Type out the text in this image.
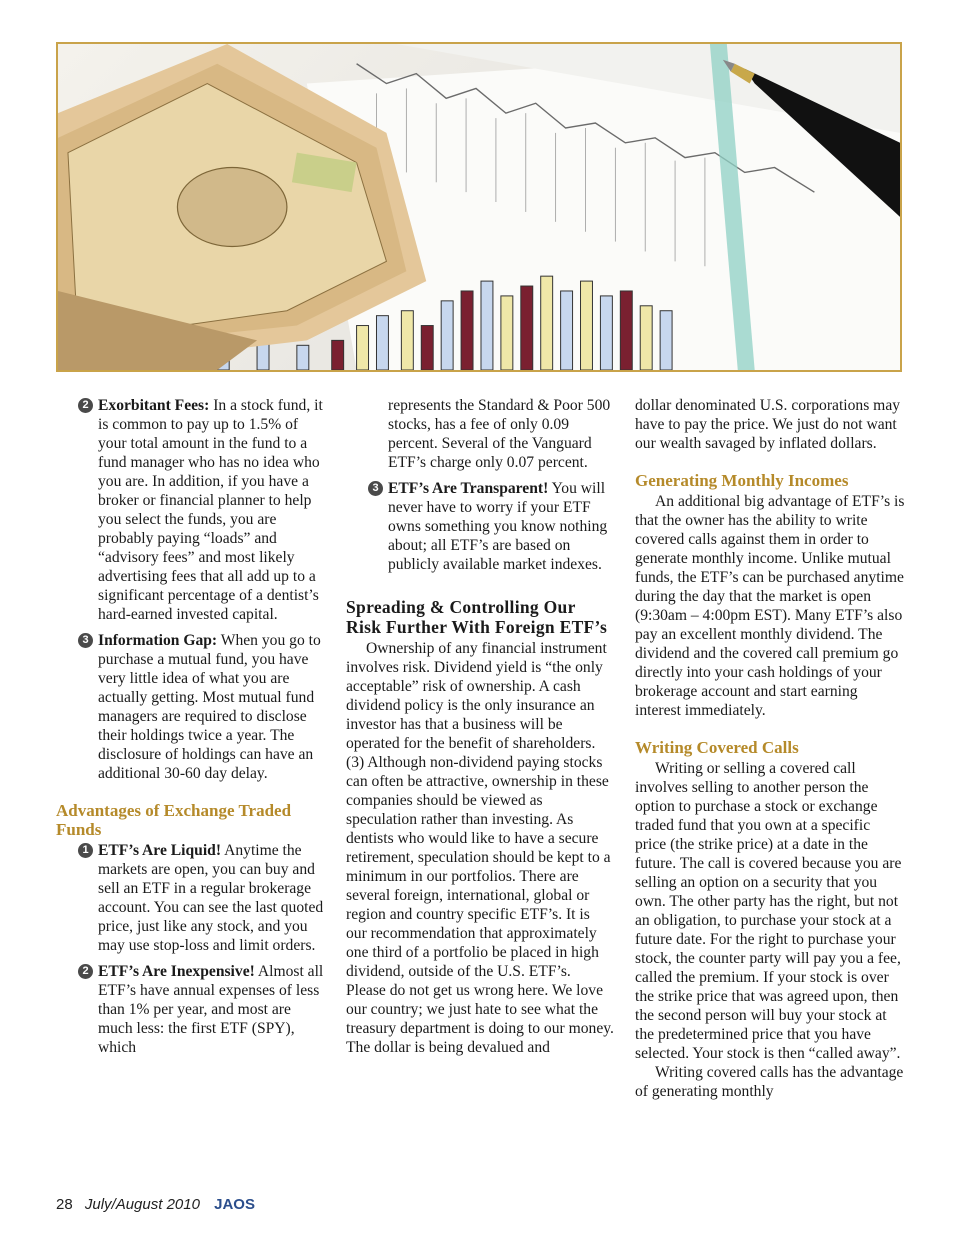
2 Exorbitant Fees: In a stock fund, it is common to pay up to 1.5% of your total amount in the fund to a fund manager who has no idea who you are. In addition, if you have a broker or financial planner to help you select the funds, you are probably paying “loads” and “advisory fees” and most likely advertising fees that all add up to a significant percentage of a dentist’s hard-earned invested capital.
3 Information Gap: When you go to purchase a mutual fund, you have very little idea of what you are actually getting. Most mutual fund managers are required to disclose their holdings twice a year. The disclosure of holdings can have an additional 30-60 day delay.

Advantages of Exchange Traded Funds

1 ETF’s Are Liquid! Anytime the markets are open, you can buy and sell an ETF in a regular brokerage account. You can see the last quoted price, just like any stock, and you may use stop-loss and limit orders.
2 ETF’s Are Inexpensive! Almost all ETF’s have annual expenses of less than 1% per year, and most are much less: the first ETF (SPY), which

represents the Standard & Poor 500 stocks, has a fee of only 0.09 percent. Several of the Vanguard ETF’s charge only 0.07 percent.

3 ETF’s Are Transparent! You will never have to worry if your ETF owns something you know nothing about; all ETF’s are based on publicly available market indexes.

Spreading & Controlling Our Risk Further With Foreign ETF’s

Ownership of any financial instrument involves risk. Dividend yield is “the only acceptable” risk of ownership. A cash dividend policy is the only insurance an investor has that a business will be operated for the benefit of shareholders. (3) Although non-dividend paying stocks can often be attractive, ownership in these companies should be viewed as speculation rather than investing. As dentists who would like to have a secure retirement, speculation should be kept to a minimum in our portfolios. There are several foreign, international, global or region and country specific ETF’s. It is our recommendation that approximately one third of a portfolio be placed in high dividend, outside of the U.S. ETF’s. Please do not get us wrong here. We love our country; we just hate to see what the treasury department is doing to our money. The dollar is being devalued and

dollar denominated U.S. corporations may have to pay the price. We just do not want our wealth savaged by inflated dollars.

Generating Monthly Incomes

An additional big advantage of ETF’s is that the owner has the ability to write covered calls against them in order to generate monthly income. Unlike mutual funds, the ETF’s can be purchased anytime during the day that the market is open (9:30am – 4:00pm EST). Many ETF’s also pay an excellent monthly dividend. The dividend and the covered call premium go directly into your cash holdings of your brokerage account and start earning interest immediately.

Writing Covered Calls

Writing or selling a covered call involves selling to another person the option to purchase a stock or exchange traded fund that you own at a specific price (the strike price) at a date in the future. The call is covered because you are selling an option on a security that you own. The other party has the right, but not an obligation, to purchase your stock at a future date. For the right to purchase your stock, the counter party will pay you a fee, called the premium. If your stock is over the strike price that was agreed upon, then the second person will buy your stock at the predetermined price that you have selected. Your stock is then “called away”.

Writing covered calls has the advantage of generating monthly

28 July/August 2010 JAOS
